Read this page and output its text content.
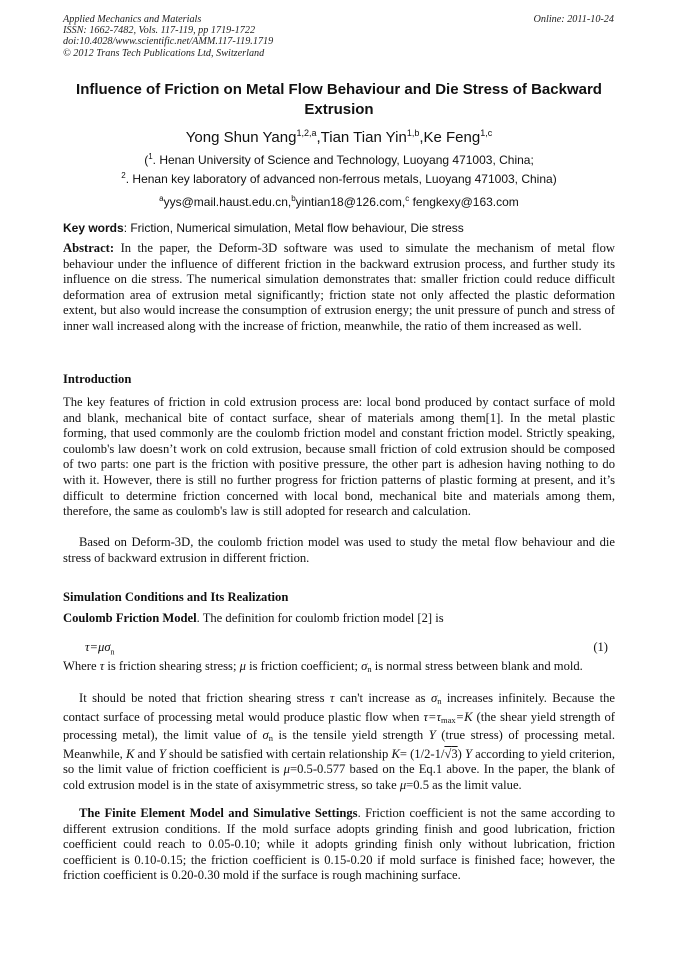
Applied Mechanics and Materials
ISSN: 1662-7482, Vols. 117-119, pp 1719-1722
doi:10.4028/www.scientific.net/AMM.117-119.1719
© 2012 Trans Tech Publications Ltd, Switzerland
Online: 2011-10-24
Influence of Friction on Metal Flow Behaviour and Die Stress of Backward Extrusion
Yong Shun Yang$^{1,2,a}$,Tian Tian Yin$^{1,b}$,Ke Feng$^{1,c}$
($^1$. Henan University of Science and Technology, Luoyang 471003, China;
$^2$. Henan key laboratory of advanced non-ferrous metals, Luoyang 471003, China)
$^a$yys@mail.haust.edu.cn,$^b$yintian18@126.com,$^c$ fengkexy@163.com
Key words: Friction, Numerical simulation, Metal flow behaviour, Die stress
Abstract: In the paper, the Deform-3D software was used to simulate the mechanism of metal flow behaviour under the influence of different friction in the backward extrusion process, and further study its influence on die stress. The numerical simulation demonstrates that: smaller friction could reduce difficult deformation area of extrusion metal significantly; friction state not only affected the plastic deformation extent, but also would increase the consumption of extrusion energy; the unit pressure of punch and stress of inner wall increased along with the increase of friction, meanwhile, the ratio of them increased as well.
Introduction
The key features of friction in cold extrusion process are: local bond produced by contact surface of mold and blank, mechanical bite of contact surface, shear of materials among them[1]. In the metal plastic forming, that used commonly are the coulomb friction model and constant friction model. Strictly speaking, coulomb's law doesn’t work on cold extrusion, because small friction of cold extrusion should be composed of two parts: one part is the friction with positive pressure, the other part is adhesion having nothing to do with it. However, there is still no further progress for friction patterns of plastic forming at present, and it’s difficult to determine friction concerned with local bond, mechanical bite and materials among them, therefore, the same as coulomb's law is still adopted for research and calculation.
Based on Deform-3D, the coulomb friction model was used to study the metal flow behaviour and die stress of backward extrusion in different friction.
Simulation Conditions and Its Realization
Coulomb Friction Model. The definition for coulomb friction model [2] is
$\tau=\mu\sigma_n$	(1)
Where τ is friction shearing stress; μ is friction coefficient; $\sigma_n$ is normal stress between blank and mold.
It should be noted that friction shearing stress τ can't increase as $\sigma_n$ increases infinitely. Because the contact surface of processing metal would produce plastic flow when $\tau=\tau_{max}=K$ (the shear yield strength of processing metal), the limit value of $\sigma_n$ is the tensile yield strength Y (true stress) of processing metal. Meanwhile, K and Y should be satisfied with certain relationship K= (1/2-1/√3) Y according to yield criterion, so the limit value of friction coefficient is μ=0.5-0.577 based on the Eq.1 above. In the paper, the blank of cold extrusion model is in the state of axisymmetric stress, so take μ=0.5 as the limit value.
The Finite Element Model and Simulative Settings. Friction coefficient is not the same according to different extrusion conditions. If the mold surface adopts grinding finish and good lubrication, friction coefficient could reach to 0.05-0.10; while it adopts grinding finish only without lubrication, friction coefficient is 0.10-0.15; the friction coefficient is 0.15-0.20 if mold surface is finished face; however, the friction coefficient is 0.20-0.30 mold if the surface is rough machining surface.
